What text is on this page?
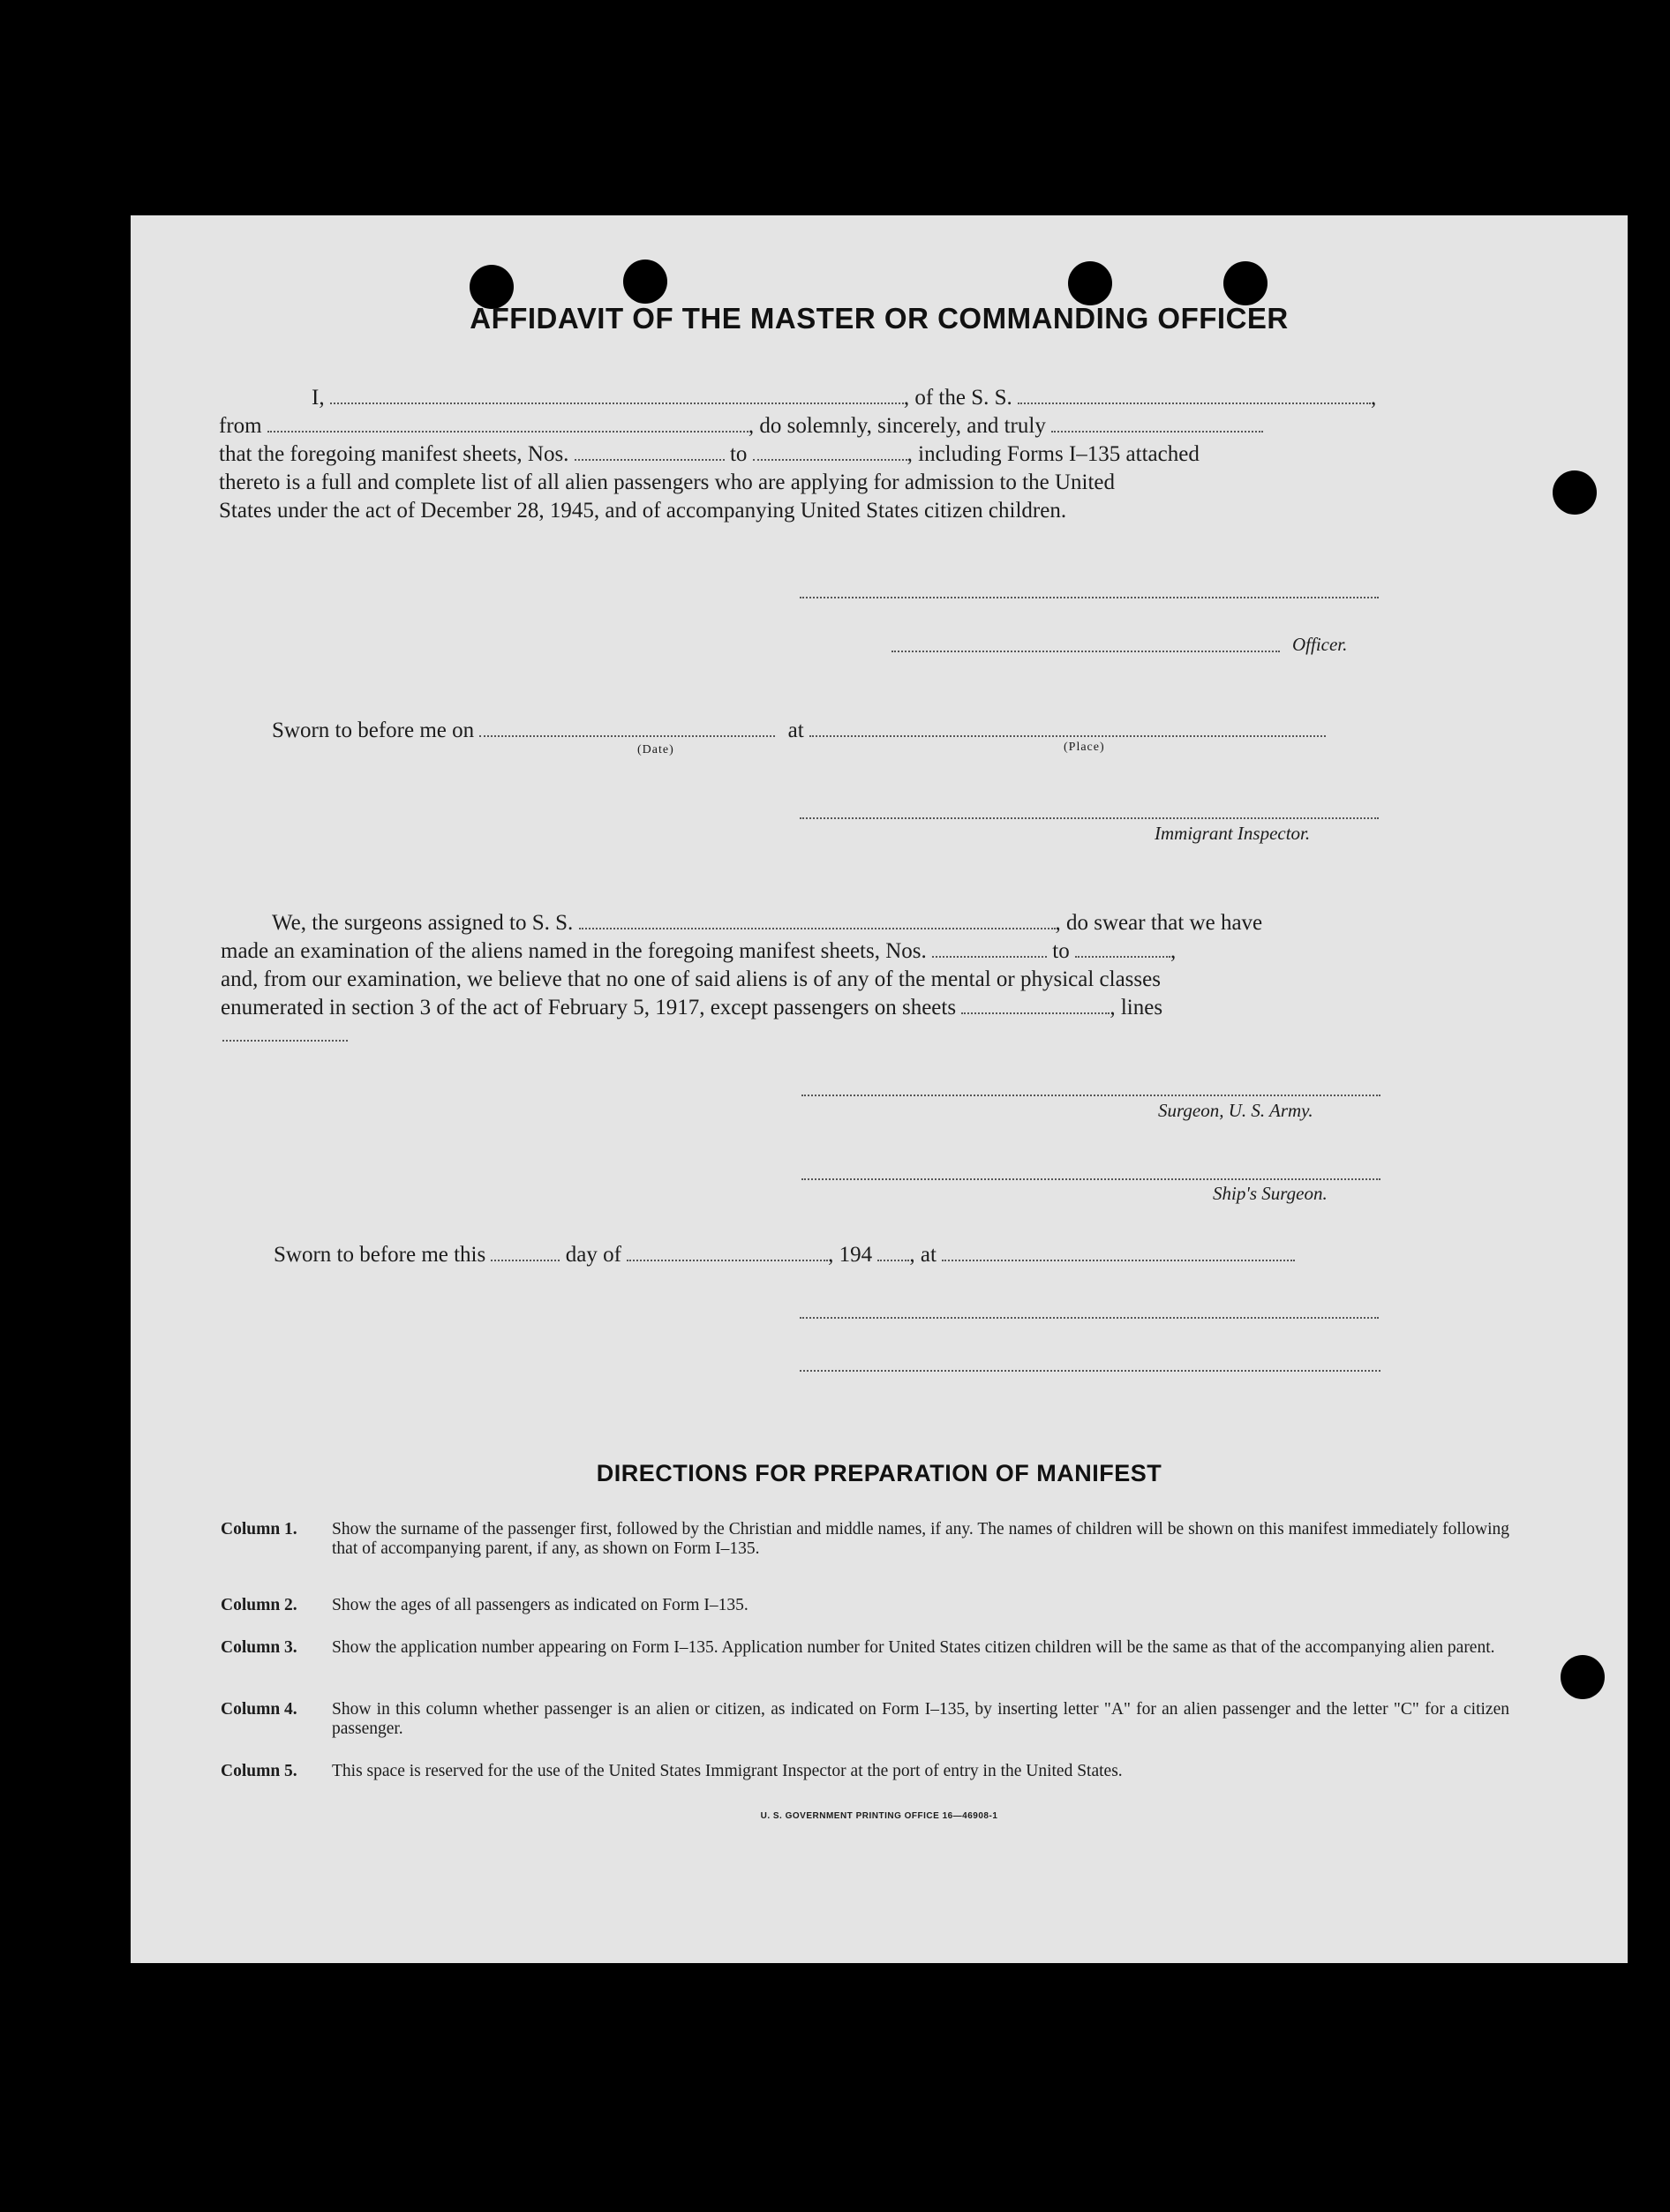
AFFIDAVIT OF THE MASTER OR COMMANDING OFFICER
I,	, of the S. S.	,
from	, do solemnly, sincerely, and truly
that the foregoing manifest sheets, Nos.	to	, including Forms I–135 attached
thereto is a full and complete list of all alien passengers who are applying for admission to the United
States under the act of December 28, 1945, and of accompanying United States citizen children.
Officer.
Sworn to before me on	at
(Date)	(Place)
Immigrant Inspector.
We, the surgeons assigned to S. S.	, do swear that we have
made an examination of the aliens named in the foregoing manifest sheets, Nos.	to	,
and, from our examination, we believe that no one of said aliens is of any of the mental or physical classes
enumerated in section 3 of the act of February 5, 1917, except passengers on sheets	, lines
Surgeon, U. S. Army.
Ship's Surgeon.
Sworn to before me this	day of	, 194 , at
DIRECTIONS FOR PREPARATION OF MANIFEST
Column 1.	Show the surname of the passenger first, followed by the Christian and middle names, if any. The names of children will be shown on this manifest immediately following that of accompanying parent, if any, as shown on Form I–135.
Column 2.	Show the ages of all passengers as indicated on Form I–135.
Column 3.	Show the application number appearing on Form I–135. Application number for United States citizen children will be the same as that of the accompanying alien parent.
Column 4.	Show in this column whether passenger is an alien or citizen, as indicated on Form I–135, by inserting letter "A" for an alien passenger and the letter "C" for a citizen passenger.
Column 5.	This space is reserved for the use of the United States Immigrant Inspector at the port of entry in the United States.
U. S. GOVERNMENT PRINTING OFFICE 16—46908-1
